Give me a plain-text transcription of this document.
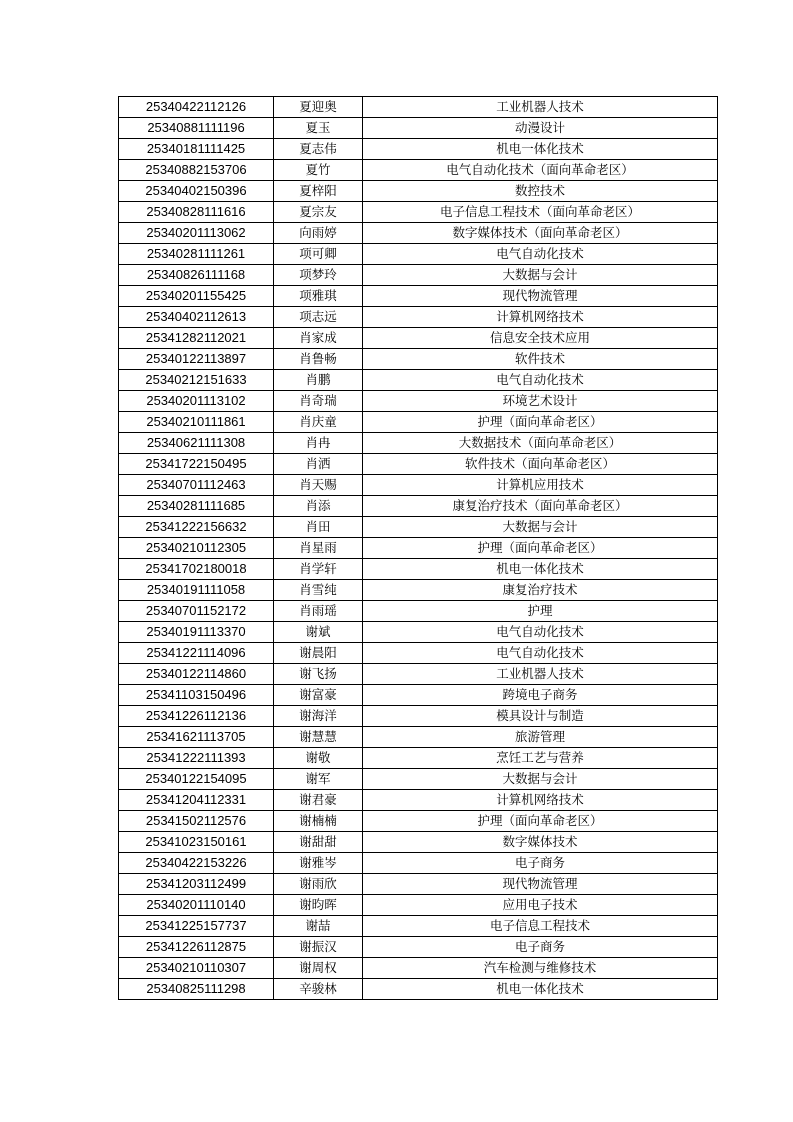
25340422112126	夏迎奥	工业机器人技术
25340881111196	夏玉	动漫设计
25340181111425	夏志伟	机电一体化技术
25340882153706	夏竹	电气自动化技术（面向革命老区）
25340402150396	夏梓阳	数控技术
25340828111616	夏宗友	电子信息工程技术（面向革命老区）
25340201113062	向雨婷	数字媒体技术（面向革命老区）
25340281111261	项可卿	电气自动化技术
25340826111168	项梦玲	大数据与会计
25340201155425	项雅琪	现代物流管理
25340402112613	项志远	计算机网络技术
25341282112021	肖家成	信息安全技术应用
25340122113897	肖鲁畅	软件技术
25340212151633	肖鹏	电气自动化技术
25340201113102	肖奇瑞	环境艺术设计
25340210111861	肖庆童	护理（面向革命老区）
25340621111308	肖冉	大数据技术（面向革命老区）
25341722150495	肖洒	软件技术（面向革命老区）
25340701112463	肖天赐	计算机应用技术
25340281111685	肖添	康复治疗技术（面向革命老区）
25341222156632	肖田	大数据与会计
25340210112305	肖星雨	护理（面向革命老区）
25341702180018	肖学轩	机电一体化技术
25340191111058	肖雪纯	康复治疗技术
25340701152172	肖雨瑶	护理
25340191113370	谢斌	电气自动化技术
25341221114096	谢晨阳	电气自动化技术
25340122114860	谢飞扬	工业机器人技术
25341103150496	谢富豪	跨境电子商务
25341226112136	谢海洋	模具设计与制造
25341621113705	谢慧慧	旅游管理
25341222111393	谢敬	烹饪工艺与营养
25340122154095	谢军	大数据与会计
25341204112331	谢君豪	计算机网络技术
25341502112576	谢楠楠	护理（面向革命老区）
25341023150161	谢甜甜	数字媒体技术
25340422153226	谢雅岑	电子商务
25341203112499	谢雨欣	现代物流管理
25340201110140	谢昀晖	应用电子技术
25341225157737	谢喆	电子信息工程技术
25341226112875	谢振汉	电子商务
25340210110307	谢周权	汽车检测与维修技术
25340825111298	辛骏林	机电一体化技术
